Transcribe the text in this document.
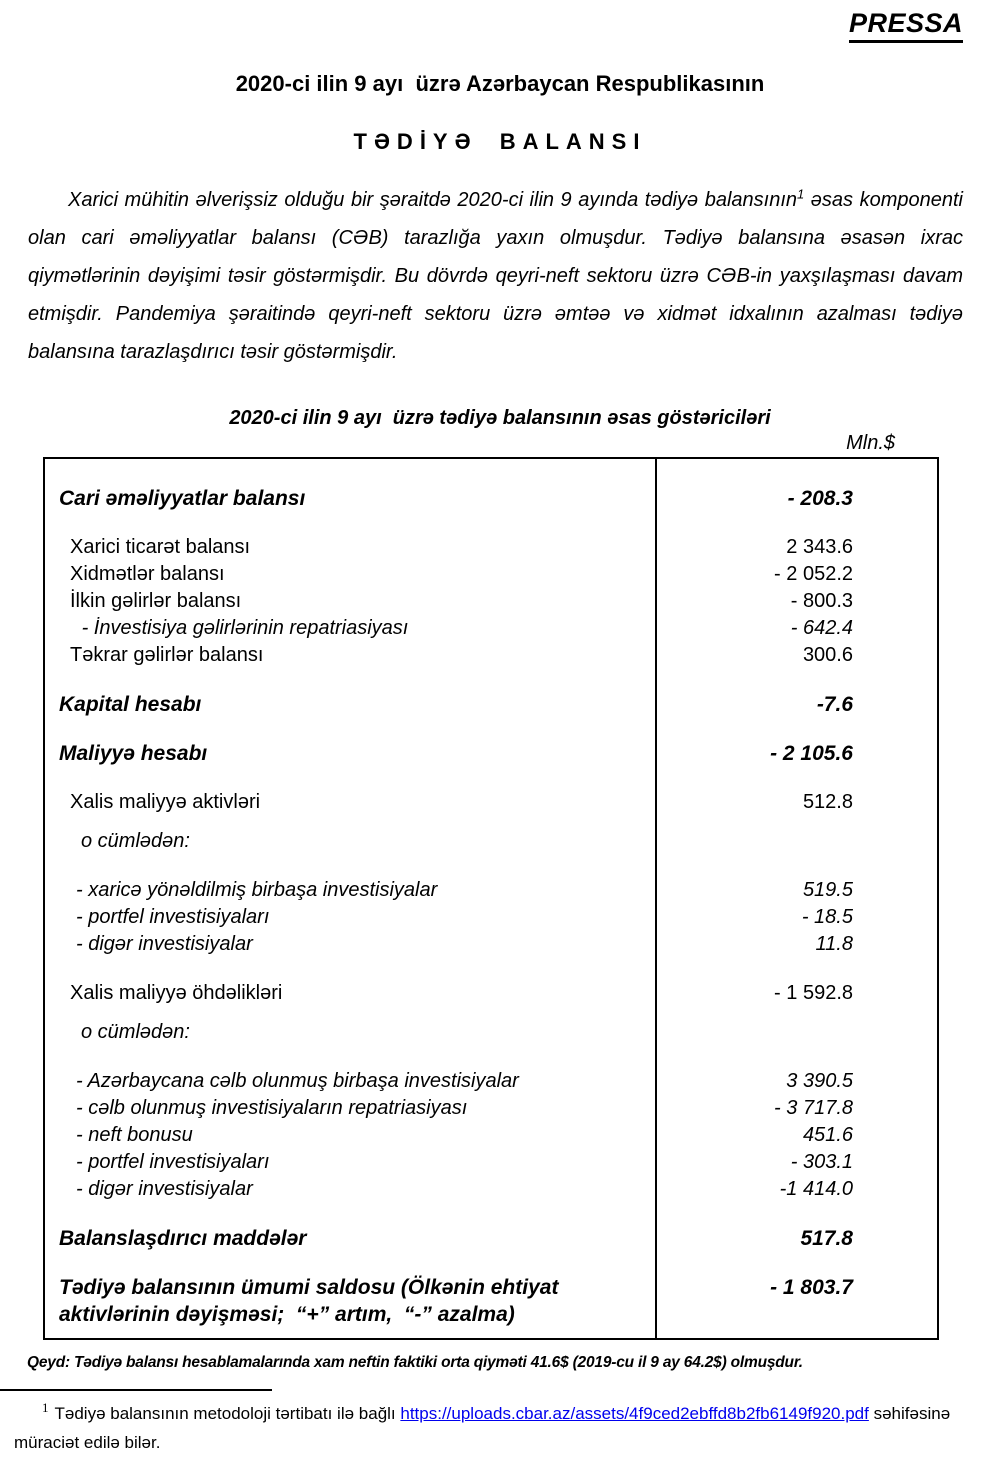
PRESSA
2020-ci ilin 9 ayı  üzrə Azərbaycan Respublikasının
TƏDİYƏ BALANSI

Xarici mühitin əlverişsiz olduğu bir şəraitdə 2020-ci ilin 9 ayında tədiyə balansının$^1$ əsas komponenti olan cari əməliyyatlar balansı (CƏB) tarazlığa yaxın olmuşdur. Tədiyə balansına əsasən ixrac qiymətlərinin dəyişimi təsir göstərmişdir. Bu dövrdə qeyri-neft sektoru üzrə CƏB-in yaxşılaşması davam etmişdir. Pandemiya şəraitində qeyri-neft sektoru üzrə əmtəə və xidmət idxalının azalması tədiyə balansına tarazlaşdırıcı təsir göstərmişdir.

2020-ci ilin 9 ayı  üzrə tədiyə balansının əsas göstəriciləri
Mln.$
Cari əməliyyatlar balansı	- 208.3
Xarici ticarət balansı	2 343.6
Xidmətlər balansı	- 2 052.2
İlkin gəlirlər balansı	- 800.3
- İnvestisiya gəlirlərinin repatriasiyası	- 642.4
Təkrar gəlirlər balansı	300.6
Kapital hesabı	-7.6
Maliyyə hesabı	- 2 105.6
Xalis maliyyə aktivləri	512.8
o cümlədən:
- xaricə yönəldilmiş birbaşa investisiyalar	519.5
- portfel investisiyaları	- 18.5
- digər investisiyalar	11.8
Xalis maliyyə öhdəlikləri	- 1 592.8
o cümlədən:
- Azərbaycana cəlb olunmuş birbaşa investisiyalar	3 390.5
- cəlb olunmuş investisiyaların repatriasiyası	- 3 717.8
- neft bonusu	451.6
- portfel investisiyaları	- 303.1
- digər investisiyalar	-1 414.0
Balanslaşdırıcı maddələr	517.8
Tədiyə balansının ümumi saldosu (Ölkənin ehtiyat aktivlərinin dəyişməsi;  “+” artım,  “-” azalma)
- 1 803.7
Qeyd: Tədiyə balansı hesablamalarında xam neftin faktiki orta qiyməti 41.6$ (2019-cu il 9 ay 64.2$) olmuşdur.
$^1$ Tədiyə balansının metodoloji tərtibatı ilə bağlı https://uploads.cbar.az/assets/4f9ced2ebffd8b2fb6149f920.pdf səhifəsinə müraciət edilə bilər.
